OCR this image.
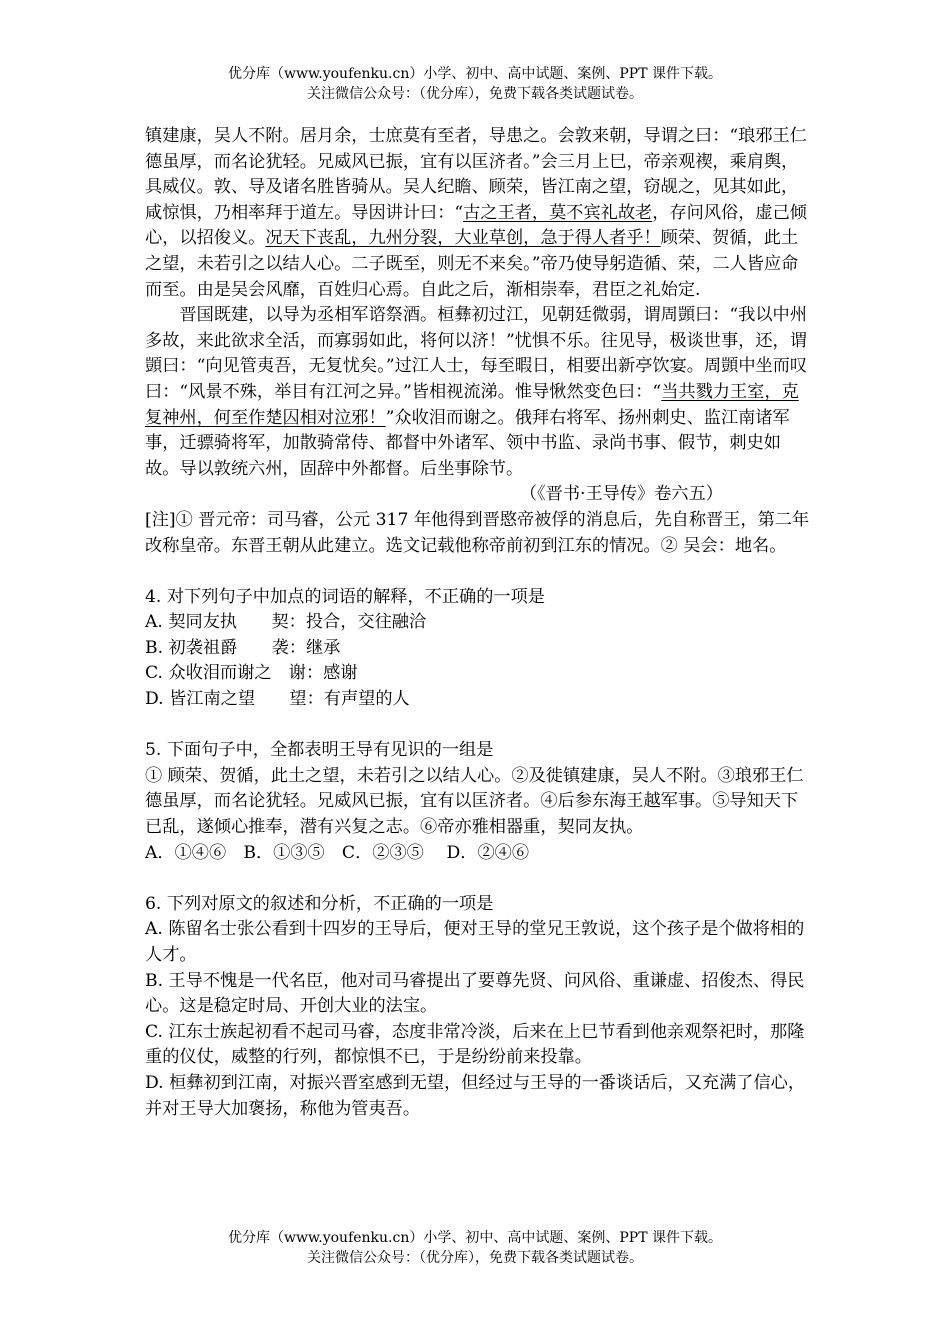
优分库（www.youfenku.cn）小学、初中、高中试题、案例、PPT 课件下载。
关注微信公众号：（优分库），免费下载各类试题试卷。

镇建康，吴人不附。居月余，士庶莫有至者，导患之。会敦来朝，导谓之曰：“琅邪王仁德虽厚，而名论犹轻。兄威风已振，宜有以匡济者。”会三月上巳，帝亲观禊，乘肩舆，具威仪。敦、导及诸名胜皆骑从。吴人纪瞻、顾荣，皆江南之望，窃觇之，见其如此，咸惊惧，乃相率拜于道左。导因讲计曰：“古之王者，莫不宾礼故老，存问风俗，虚己倾心，以招俊义。况天下丧乱，九州分裂，大业草创，急于得人者乎！顾荣、贺循，此土之望，未若引之以结人心。二子既至，则无不来矣。”帝乃使导躬造循、荣，二人皆应命而至。由是吴会风靡，百姓归心焉。自此之后，渐相崇奉，君臣之礼始定.

晋国既建，以导为丞相军谘祭酒。桓彝初过江，见朝廷微弱，谓周顗曰：“我以中州多故，来此欲求全活，而寡弱如此，将何以济！”忧惧不乐。往见导，极谈世事，还，谓顗曰：“向见管夷吾，无复忧矣。”过江人士，每至暇日，相要出新亭饮宴。周顗中坐而叹曰：“风景不殊，举目有江河之异。”皆相视流涕。惟导愀然变色曰：“当共戮力王室，克复神州，何至作楚囚相对泣邪！”众收泪而谢之。俄拜右将军、扬州刺史、监江南诸军事，迁骠骑将军，加散骑常侍、都督中外诸军、领中书监、录尚书事、假节，刺史如故。导以敦统六州，固辞中外都督。后坐事除节。

（《晋书·王导传》卷六五）

[注]① 晋元帝：司马睿，公元 317 年他得到晋愍帝被俘的消息后，先自称晋王，第二年改称皇帝。东晋王朝从此建立。选文记载他称帝前初到江东的情况。② 吴会：地名。

4. 对下列句子中加点的词语的解释，不正确的一项是

A. 契同友执　　契：投合，交往融洽

B. 初袭祖爵　　袭：继承

C. 众收泪而谢之　谢：感谢

D. 皆江南之望　　望：有声望的人

5. 下面句子中，全都表明王导有见识的一组是

① 顾荣、贺循，此土之望，未若引之以结人心。②及徙镇建康，吴人不附。③琅邪王仁德虽厚，而名论犹轻。兄威风已振，宜有以匡济者。④后参东海王越军事。⑤导知天下已乱，遂倾心推奉，潜有兴复之志。⑥帝亦雅相器重，契同友执。

A．①④⑥　B．①③⑤　C．②③⑤　 D．②④⑥

6. 下列对原文的叙述和分析，不正确的一项是

A. 陈留名士张公看到十四岁的王导后，便对王导的堂兄王敦说，这个孩子是个做将相的人才。

B. 王导不愧是一代名臣，他对司马睿提出了要尊先贤、问风俗、重谦虚、招俊杰、得民心。这是稳定时局、开创大业的法宝。

C. 江东士族起初看不起司马睿，态度非常冷淡，后来在上巳节看到他亲观祭祀时，那隆重的仪仗，威整的行列，都惊惧不已，于是纷纷前来投靠。

D. 桓彝初到江南，对振兴晋室感到无望，但经过与王导的一番谈话后，又充满了信心，并对王导大加褒扬，称他为管夷吾。

优分库（www.youfenku.cn）小学、初中、高中试题、案例、PPT 课件下载。
关注微信公众号：（优分库），免费下载各类试题试卷。
